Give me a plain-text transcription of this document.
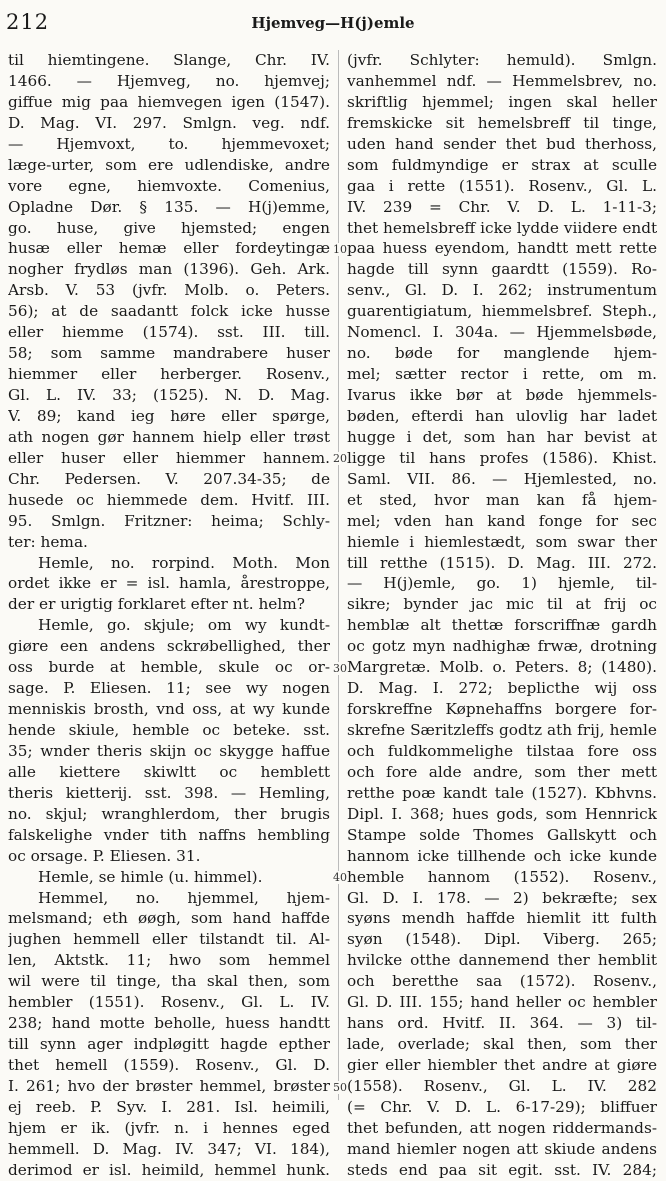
212	Hjemveg—H(j)emle
til hiemtingene. Slange, Chr. IV.
1466. — Hjemveg, no. hjemvej;
giffue mig paa hiemvegen igen (1547).
D. Mag. VI. 297. Smlgn. veg. ndf.
— Hjemvoxt, to. hjemmevoxet;
læge-urter, som ere udlendiske, andre
vore egne, hiemvoxte. Comenius,
Opladne Dør. § 135. — H(j)emme,
go. huse, give hjemsted; engen
husæ eller hemæ eller fordeytingæ
nogher frydløs man (1396). Geh. Ark.
Arsb. V. 53 (jvfr. Molb. o. Peters.
56); at de saadantt folck icke husse
eller hiemme (1574). sst. III. till.
58; som samme mandrabere huser
hiemmer eller herberger. Rosenv.,
Gl. L. IV. 33; (1525). N. D. Mag.
V. 89; kand ieg høre eller spørge,
ath nogen gør hannem hielp eller trøst
eller huser eller hiemmer hannem.
Chr. Pedersen. V. 207.34-35; de
husede oc hiemmede dem. Hvitf. III.
95. Smlgn. Fritzner: heima; Schly-
ter: hema.
Hemle, no. rorpind. Moth. Mon
ordet ikke er = isl. hamla, årestroppe,
der er urigtig forklaret efter nt. helm?
Hemle, go. skjule; om wy kundt-
giøre een andens sckrøbellighed, ther
oss burde at hemble, skule oc or-
sage. P. Eliesen. 11; see wy nogen
menniskis brosth, vnd oss, at wy kunde
hende skiule, hemble oc beteke. sst.
35; wnder theris skijn oc skygge haffue
alle kiettere skiwltt oc hemblett
theris kietterij. sst. 398. — Hemling,
no. skjul; wranghlerdom, ther brugis
falskelighe vnder tith naffns hembling
oc orsage. P. Eliesen. 31.
Hemle, se himle (u. himmel).
Hemmel, no. hjemmel, hjem-
melsmand; eth øøgh, som hand haffde
jughen hemmell eller tilstandt til. Al-
len, Aktstk. 11; hwo som hemmel
wil were til tinge, tha skal then, som
hembler (1551). Rosenv., Gl. L. IV.
238; hand motte beholle, huess handtt
till synn ager indpløgitt hagde epther
thet hemell (1559). Rosenv., Gl. D.
I. 261; hvo der brøster hemmel, brøster
ej reeb. P. Syv. I. 281. Isl. heimili,
hjem er ik. (jvfr. n. i hennes eged
hemmell. D. Mag. IV. 347; VI. 184),
derimod er isl. heimild, hemmel hunk.
10
20
30
40
50
(jvfr. Schlyter: hemuld). Smlgn.
vanhemmel ndf. — Hemmelsbrev, no.
skriftlig hjemmel; ingen skal heller
fremskicke sit hemelsbreff til tinge,
uden hand sender thet bud therhoss,
som fuldmyndige er strax at sculle
gaa i rette (1551). Rosenv., Gl. L.
IV. 239 = Chr. V. D. L. 1-11-3;
thet hemelsbreff icke lydde viidere endt
paa huess eyendom, handtt mett rette
hagde till synn gaardtt (1559). Ro-
senv., Gl. D. I. 262; instrumentum
guarentigiatum, hiemmelsbref. Steph.,
Nomencl. I. 304a. — Hjemmelsbøde,
no. bøde for manglende hjem-
mel; sætter rector i rette, om m.
Ivarus ikke bør at bøde hjemmels-
bøden, efterdi han ulovlig har ladet
hugge i det, som han har bevist at
ligge til hans profes (1586). Khist.
Saml. VII. 86. — Hjemlested, no.
et sted, hvor man kan få hjem-
mel; vden han kand fonge for sec
hiemle i hiemlestædt, som swar ther
till retthe (1515). D. Mag. III. 272.
— H(j)emle, go. 1) hjemle, til-
sikre; bynder jac mic til at frij oc
hemblæ alt thettæ forscriffnæ gardh
oc gotz myn nadhighæ frwæ, drotning
Margretæ. Molb. o. Peters. 8; (1480).
D. Mag. I. 272; beplicthe wij oss
forskreffne Køpnehaffns borgere for-
skrefne Særitzleffs godtz ath frij, hemle
och fuldkommelighe tilstaa fore oss
och fore alde andre, som ther mett
retthe poæ kandt tale (1527). Kbhvns.
Dipl. I. 368; hues gods, som Hennrick
Stampe solde Thomes Gallskytt och
hannom icke tillhende och icke kunde
hemble hannom (1552). Rosenv.,
Gl. D. I. 178. — 2) bekræfte; sex
syøns mendh haffde hiemlit itt fulth
syøn (1548). Dipl. Viberg. 265;
hvilcke otthe dannemend ther hemblit
och beretthe saa (1572). Rosenv.,
Gl. D. III. 155; hand heller oc hembler
hans ord. Hvitf. II. 364. — 3) til-
lade, overlade; skal then, som ther
gier eller hiembler thet andre at giøre
(1558). Rosenv., Gl. L. IV. 282
(= Chr. V. D. L. 6-17-29); bliffuer
thet befunden, att nogen riddermands-
mand hiemler nogen att skiude andens
steds end paa sit egit. sst. IV. 284;
